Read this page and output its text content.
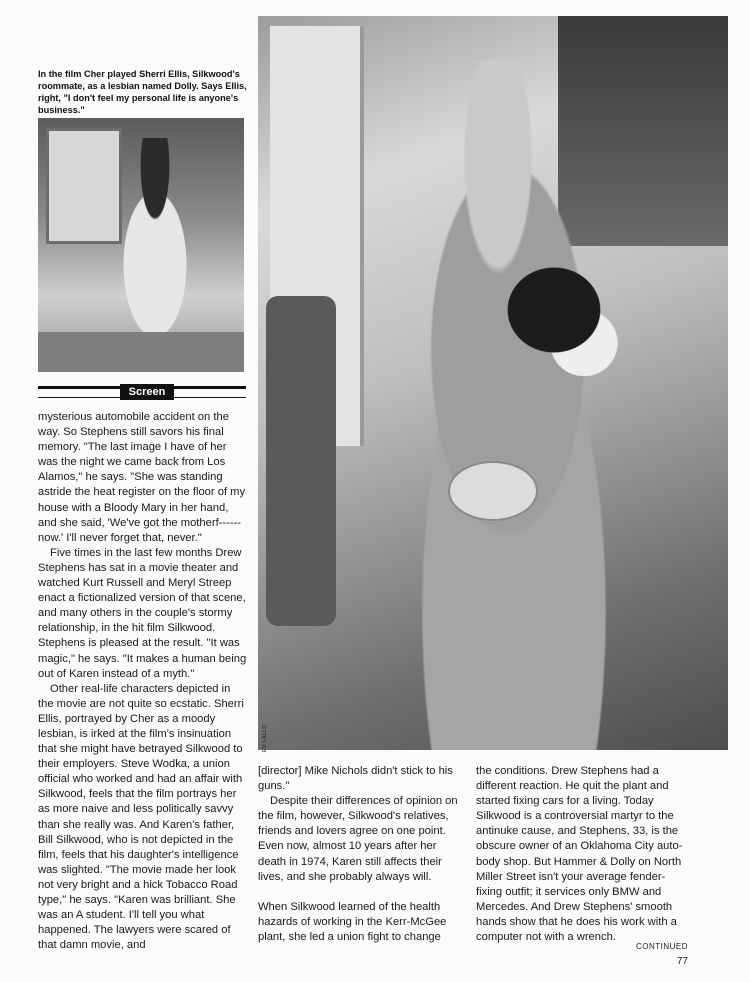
In the film Cher played Sherri Ellis, Silkwood's roommate, as a lesbian named Dolly. Says Ellis, right, "I don't feel my personal life is anyone's business."
ED LALLO
Screen

mysterious automobile accident on the way. So Stephens still savors his final memory. "The last image I have of her was the night we came back from Los Alamos," he says. "She was standing astride the heat register on the floor of my house with a Bloody Mary in her hand, and she said, 'We've got the motherf------ now.' I'll never forget that, never."

Five times in the last few months Drew Stephens has sat in a movie theater and watched Kurt Russell and Meryl Streep enact a fictionalized version of that scene, and many others in the couple's stormy relationship, in the hit film Silkwood. Stephens is pleased at the result. "It was magic," he says. "It makes a human being out of Karen instead of a myth."

Other real-life characters depicted in the movie are not quite so ecstatic. Sherri Ellis, portrayed by Cher as a moody lesbian, is irked at the film's insinuation that she might have betrayed Silkwood to their employers. Steve Wodka, a union official who worked and had an affair with Silkwood, feels that the film portrays her as more naive and less politically savvy than she really was. And Karen's father, Bill Silkwood, who is not depicted in the film, feels that his daughter's intelligence was slighted. "The movie made her look not very bright and a hick Tobacco Road type," he says. "Karen was brilliant. She was an A student. I'll tell you what happened. The lawyers were scared of that damn movie, and

[director] Mike Nichols didn't stick to his guns."

Despite their differences of opinion on the film, however, Silkwood's relatives, friends and lovers agree on one point. Even now, almost 10 years after her death in 1974, Karen still affects their lives, and she probably always will.

When Silkwood learned of the health hazards of working in the Kerr-McGee plant, she led a union fight to change

the conditions. Drew Stephens had a different reaction. He quit the plant and started fixing cars for a living. Today Silkwood is a controversial martyr to the antinuke cause, and Stephens, 33, is the obscure owner of an Oklahoma City auto-body shop. But Hammer & Dolly on North Miller Street isn't your average fender-fixing outfit; it services only BMW and Mercedes. And Drew Stephens' smooth hands show that he does his work with a computer not with a wrench.

CONTINUED
77
